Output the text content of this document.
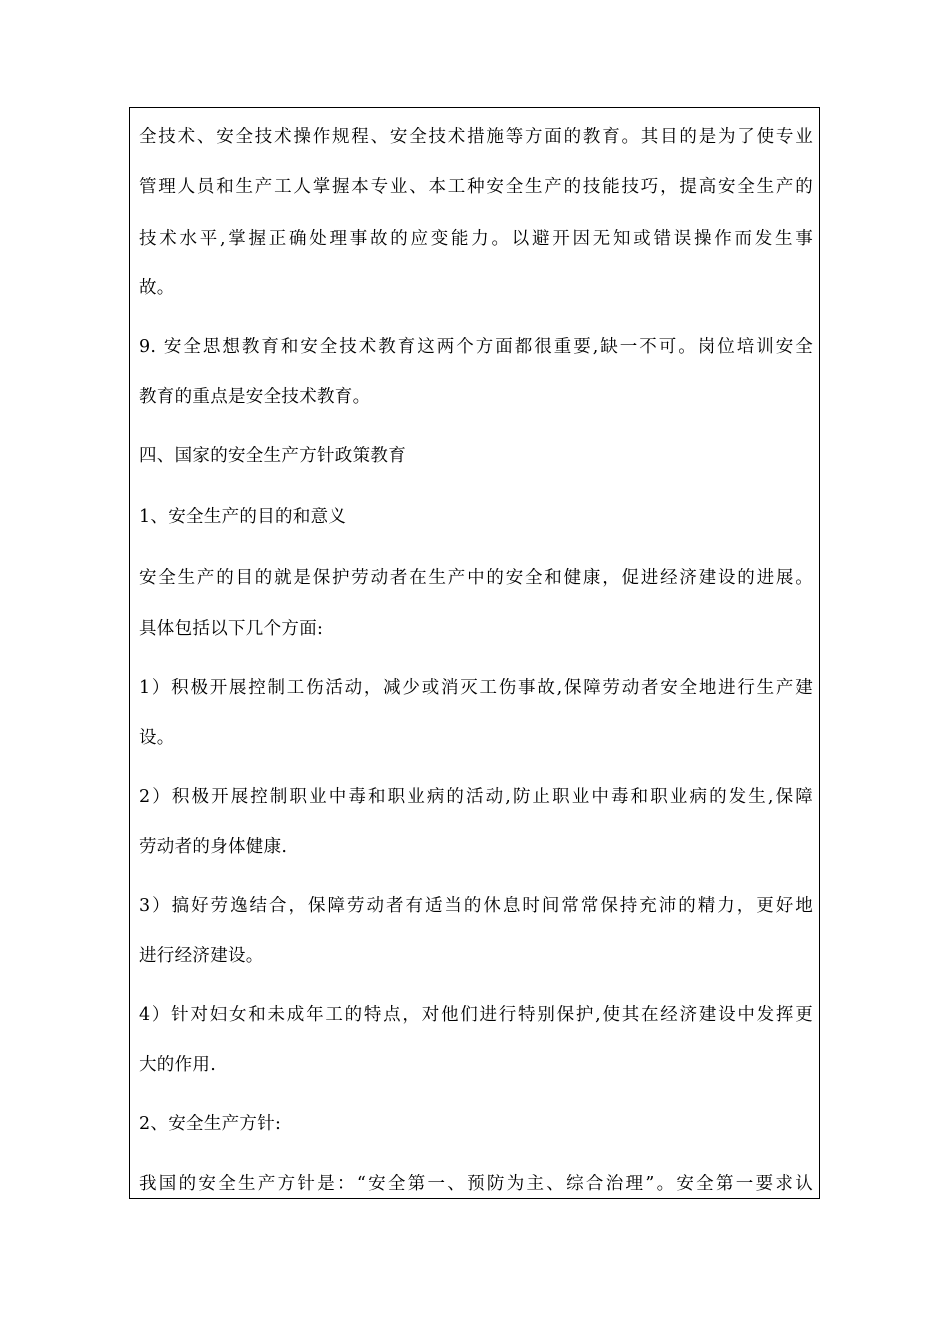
全技术、安全技术操作规程、安全技术措施等方面的教育。其目的是为了使专业
管理人员和生产工人掌握本专业、本工种安全生产的技能技巧，提高安全生产的
技术水平,掌握正确处理事故的应变能力。以避开因无知或错误操作而发生事
故。
9. 安全思想教育和安全技术教育这两个方面都很重要,缺一不可。岗位培训安全
教育的重点是安全技术教育。
四、国家的安全生产方针政策教育
1、安全生产的目的和意义
安全生产的目的就是保护劳动者在生产中的安全和健康，促进经济建设的进展。
具体包括以下几个方面:
1）积极开展控制工伤活动，减少或消灭工伤事故,保障劳动者安全地进行生产建
设。
2）积极开展控制职业中毒和职业病的活动,防止职业中毒和职业病的发生,保障
劳动者的身体健康.
3）搞好劳逸结合，保障劳动者有适当的休息时间常常保持充沛的精力，更好地
进行经济建设。
4）针对妇女和未成年工的特点，对他们进行特别保护,使其在经济建设中发挥更
大的作用.
2、安全生产方针:
我国的安全生产方针是：“安全第一、预防为主、综合治理”。安全第一要求认
